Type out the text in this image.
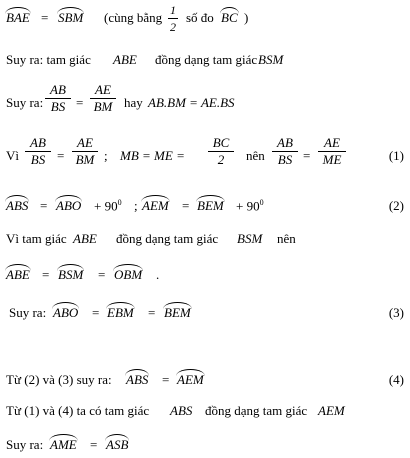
BAE = SBM (cùng bằng $\frac{1}{2}$ số đo BC )
Suy ra: tam giác ABE đồng dạng tam giác BSM
Suy ra: $\frac{AB}{BS} = \frac{AE}{BM}$ hay AB.BM = AE.BS
Vì $\frac{AB}{BS} = \frac{AE}{BM}$ ; MB = ME = $\frac{BC}{2}$ nên $\frac{AB}{BS} = \frac{AE}{ME}$	(1)
ABS = ABO + $90^0$ ; AEM = BEM + $90^0$	(2)
Vì tam giác ABE đồng dạng tam giác BSM nên
ABE = BSM = OBM .
Suy ra: ABO = EBM = BEM	(3)
Từ (2) và (3) suy ra: ABS = AEM	(4)
Từ (1) và (4) ta có tam giác ABS đồng dạng tam giác AEM
Suy ra: AME = ASB
